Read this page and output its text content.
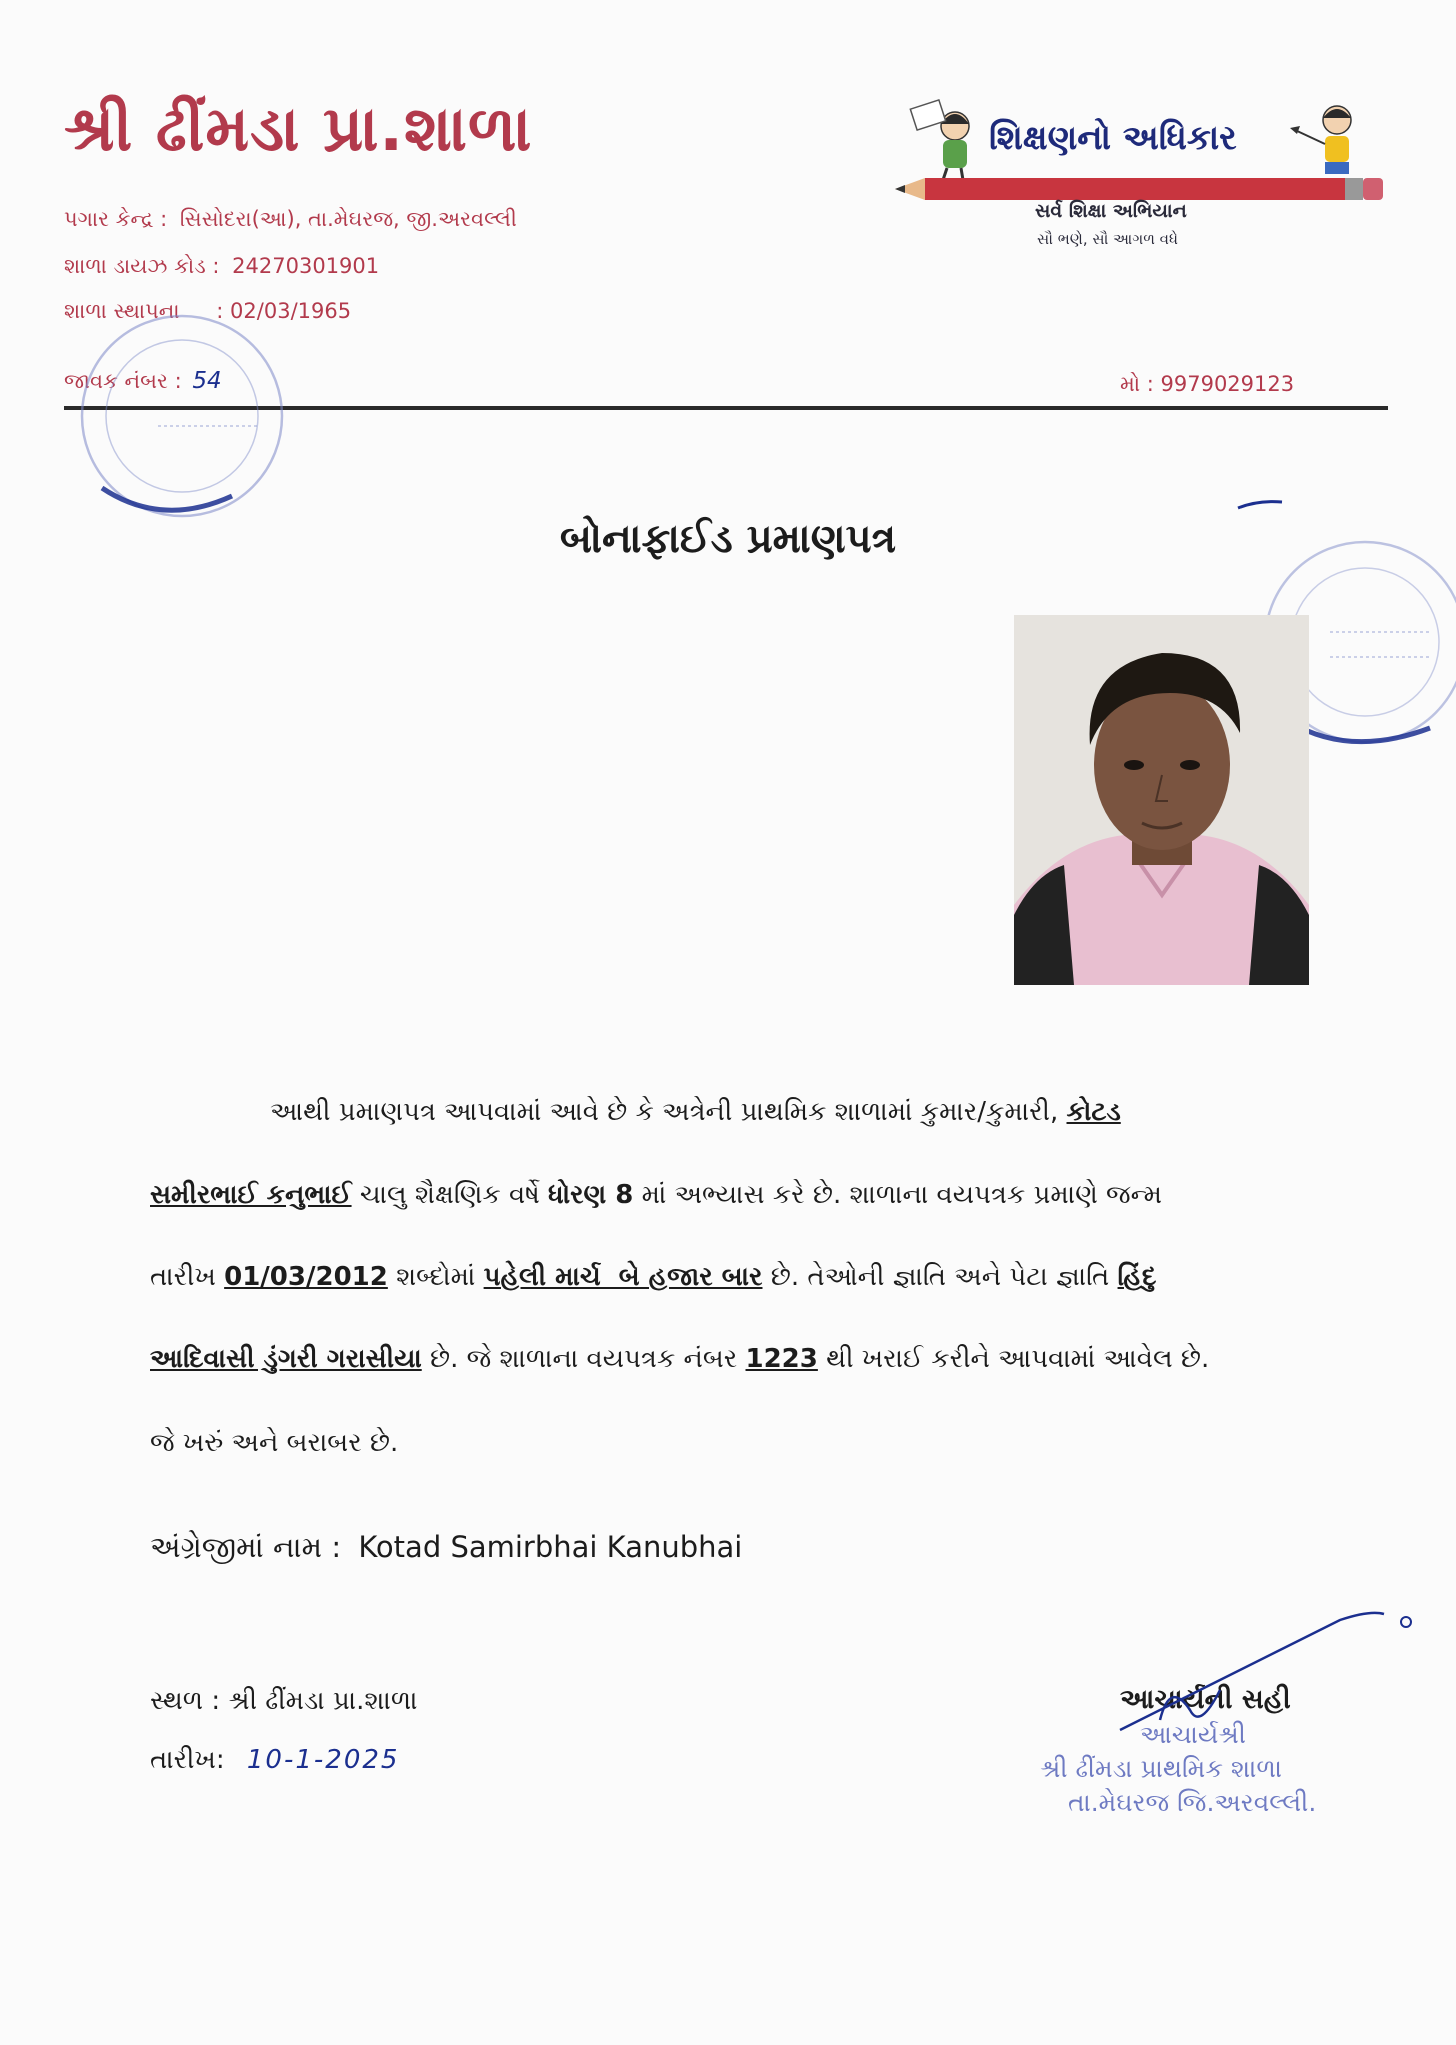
શ્રી ઢીંમડા પ્રા.શાળા
પગાર કેન્દ્ર : સિસોદરા(આ), તા.મેઘરજ, જી.અરવલ્લી
શાળા ડાયઝ કોડ : 24270301901
શાળા સ્થાપના : 02/03/1965
જાવક નંબર : 54
શિક્ષણનો અધિકાર
સર્વ શિક્ષા અભિયાન
સૌ ભણે, સૌ આગળ વધે
મો : 9979029123
બોનાફાઈડ પ્રમાણપત્ર
આથી પ્રમાણપત્ર આપવામાં આવે છે કે અત્રેની પ્રાથમિક શાળામાં કુમાર/કુમારી, કોટડ
સમીરભાઈ કનુભાઈ ચાલુ શૈક્ષણિક વર્ષે ધોરણ 8 માં અભ્યાસ કરે છે. શાળાના વયપત્રક પ્રમાણે જન્મ
તારીખ 01/03/2012 શબ્દોમાં પહેલી માર્ચ  બે હજાર બાર છે. તેઓની જ્ઞાતિ અને પેટા જ્ઞાતિ હિંદુ
આદિવાસી ડુંગરી ગરાસીયા છે. જે શાળાના વયપત્રક નંબર 1223 થી ખરાઈ કરીને આપવામાં આવેલ છે.
જે ખરું અને બરાબર છે.
અંગ્રેજીમાં નામ : Kotad Samirbhai Kanubhai
સ્થળ : શ્રી ઢીંમડા પ્રા.શાળા
તારીખ: 10-1-2025
આચાર્યની સહી
આચાર્યશ્રી
શ્રી ઢીંમડા પ્રાથમિક શાળા
તા.મેઘરજ જિ.અરવલ્લી.
